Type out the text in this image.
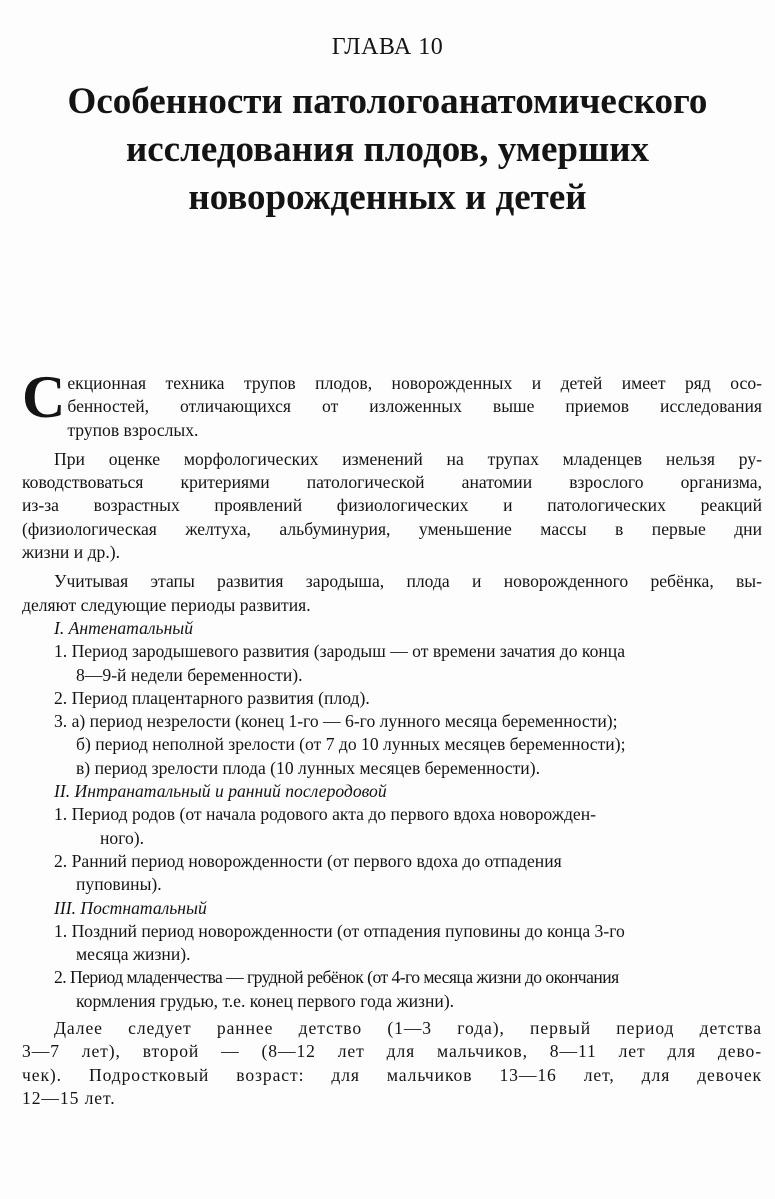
ГЛАВА 10
Особенности патологоанатомического
исследования плодов, умерших
новорожденных и детей
С екционная техника трупов плодов, новорожденных и детей имеет ряд осо-
бенностей, отличающихся от изложенных выше приемов исследования
трупов взрослых.
При оценке морфологических изменений на трупах младенцев нельзя ру-
ководствоваться критериями патологической анатомии взрослого организма,
из-за возрастных проявлений физиологических и патологических реакций
(физиологическая желтуха, альбуминурия, уменьшение массы в первые дни
жизни и др.).
Учитывая этапы развития зародыша, плода и новорожденного ребёнка, вы-
деляют следующие периоды развития.
I. Антенатальный
1. Период зародышевого развития (зародыш — от времени зачатия до конца
8—9-й недели беременности).
2. Период плацентарного развития (плод).
3. а) период незрелости (конец 1-го — 6-го лунного месяца беременности);
б) период неполной зрелости (от 7 до 10 лунных месяцев беременности);
в) период зрелости плода (10 лунных месяцев беременности).
II. Интранатальный и ранний послеродовой
1. Период родов (от начала родового акта до первого вдоха новорожден-
ного).
2. Ранний период новорожденности (от первого вдоха до отпадения
пуповины).
III. Постнатальный
1. Поздний период новорожденности (от отпадения пуповины до конца 3-го
месяца жизни).
2. Период младенчества — грудной ребёнок (от 4-го месяца жизни до окончания
кормления грудью, т.е. конец первого года жизни).
Далее следует раннее детство (1—3 года), первый период детства
3—7 лет), второй — (8—12 лет для мальчиков, 8—11 лет для дево-
чек). Подростковый возраст: для мальчиков 13—16 лет, для девочек
12—15 лет.
